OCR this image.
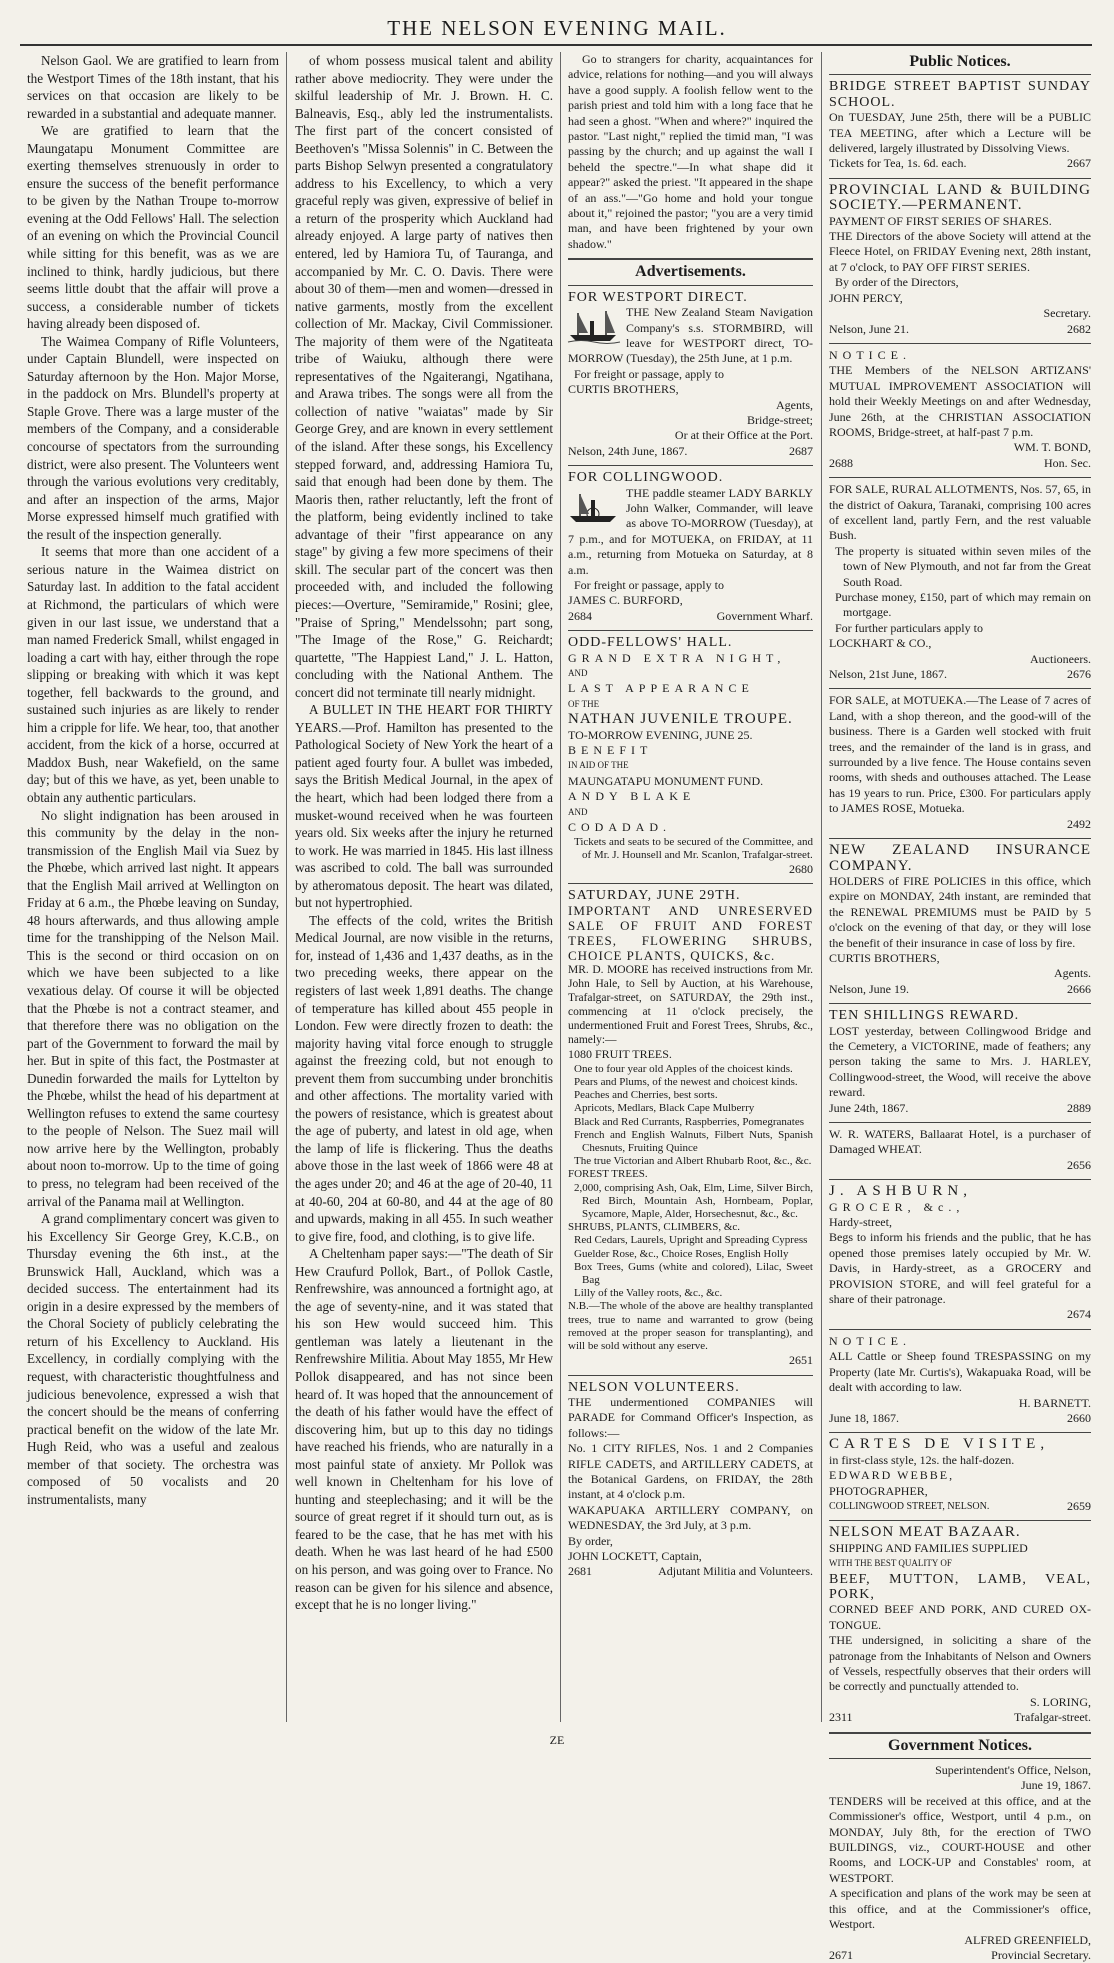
THE NELSON EVENING MAIL.

Nelson Gaol. We are gratified to learn from the Westport Times of the 18th instant, that his services on that occasion are likely to be rewarded in a substantial and adequate manner.

We are gratified to learn that the Maungatapu Monument Committee are exerting themselves strenuously in order to ensure the success of the benefit performance to be given by the Nathan Troupe to-morrow evening at the Odd Fellows' Hall. The selection of an evening on which the Provincial Council while sitting for this benefit, was as we are inclined to think, hardly judicious, but there seems little doubt that the affair will prove a success, a considerable number of tickets having already been disposed of.

The Waimea Company of Rifle Volunteers, under Captain Blundell, were inspected on Saturday afternoon by the Hon. Major Morse, in the paddock on Mrs. Blundell's property at Staple Grove. There was a large muster of the members of the Company, and a considerable concourse of spectators from the surrounding district, were also present. The Volunteers went through the various evolutions very creditably, and after an inspection of the arms, Major Morse expressed himself much gratified with the result of the inspection generally.

It seems that more than one accident of a serious nature in the Waimea district on Saturday last. In addition to the fatal accident at Richmond, the particulars of which were given in our last issue, we understand that a man named Frederick Small, whilst engaged in loading a cart with hay, either through the rope slipping or breaking with which it was kept together, fell backwards to the ground, and sustained such injuries as are likely to render him a cripple for life. We hear, too, that another accident, from the kick of a horse, occurred at Maddox Bush, near Wakefield, on the same day; but of this we have, as yet, been unable to obtain any authentic particulars.

No slight indignation has been aroused in this community by the delay in the non-transmission of the English Mail via Suez by the Phœbe, which arrived last night. It appears that the English Mail arrived at Wellington on Friday at 6 a.m., the Phœbe leaving on Sunday, 48 hours afterwards, and thus allowing ample time for the transhipping of the Nelson Mail. This is the second or third occasion on on which we have been subjected to a like vexatious delay. Of course it will be objected that the Phœbe is not a contract steamer, and that therefore there was no obligation on the part of the Government to forward the mail by her. But in spite of this fact, the Postmaster at Dunedin forwarded the mails for Lyttelton by the Phœbe, whilst the head of his department at Wellington refuses to extend the same courtesy to the people of Nelson. The Suez mail will now arrive here by the Wellington, probably about noon to-morrow. Up to the time of going to press, no telegram had been received of the arrival of the Panama mail at Wellington.

A grand complimentary concert was given to his Excellency Sir George Grey, K.C.B., on Thursday evening the 6th inst., at the Brunswick Hall, Auckland, which was a decided success. The entertainment had its origin in a desire expressed by the members of the Choral Society of publicly celebrating the return of his Excellency to Auckland. His Excellency, in cordially complying with the request, with characteristic thoughtfulness and judicious benevolence, expressed a wish that the concert should be the means of conferring practical benefit on the widow of the late Mr. Hugh Reid, who was a useful and zealous member of that society. The orchestra was composed of 50 vocalists and 20 instrumentalists, many

of whom possess musical talent and ability rather above mediocrity. They were under the skilful leadership of Mr. J. Brown. H. C. Balneavis, Esq., ably led the instrumentalists. The first part of the concert consisted of Beethoven's "Missa Solennis" in C. Between the parts Bishop Selwyn presented a congratulatory address to his Excellency, to which a very graceful reply was given, expressive of belief in a return of the prosperity which Auckland had already enjoyed. A large party of natives then entered, led by Hamiora Tu, of Tauranga, and accompanied by Mr. C. O. Davis. There were about 30 of them—men and women—dressed in native garments, mostly from the excellent collection of Mr. Mackay, Civil Commissioner. The majority of them were of the Ngatiteata tribe of Waiuku, although there were representatives of the Ngaiterangi, Ngatihana, and Arawa tribes. The songs were all from the collection of native "waiatas" made by Sir George Grey, and are known in every settlement of the island. After these songs, his Excellency stepped forward, and, addressing Hamiora Tu, said that enough had been done by them. The Maoris then, rather reluctantly, left the front of the platform, being evidently inclined to take advantage of their "first appearance on any stage" by giving a few more specimens of their skill. The secular part of the concert was then proceeded with, and included the following pieces:—Overture, "Semiramide," Rosini; glee, "Praise of Spring," Mendelssohn; part song, "The Image of the Rose," G. Reichardt; quartette, "The Happiest Land," J. L. Hatton, concluding with the National Anthem. The concert did not terminate till nearly midnight.

A BULLET IN THE HEART FOR THIRTY YEARS.—Prof. Hamilton has presented to the Pathological Society of New York the heart of a patient aged fourty four. A bullet was imbeded, says the British Medical Journal, in the apex of the heart, which had been lodged there from a musket-wound received when he was fourteen years old. Six weeks after the injury he returned to work. He was married in 1845. His last illness was ascribed to cold. The ball was surrounded by atheromatous deposit. The heart was dilated, but not hypertrophied.

The effects of the cold, writes the British Medical Journal, are now visible in the returns, for, instead of 1,436 and 1,437 deaths, as in the two preceding weeks, there appear on the registers of last week 1,891 deaths. The change of temperature has killed about 455 people in London. Few were directly frozen to death: the majority having vital force enough to struggle against the freezing cold, but not enough to prevent them from succumbing under bronchitis and other affections. The mortality varied with the powers of resistance, which is greatest about the age of puberty, and latest in old age, when the lamp of life is flickering. Thus the deaths above those in the last week of 1866 were 48 at the ages under 20; and 46 at the age of 20-40, 11 at 40-60, 204 at 60-80, and 44 at the age of 80 and upwards, making in all 455. In such weather to give fire, food, and clothing, is to give life.

A Cheltenham paper says:—"The death of Sir Hew Craufurd Pollok, Bart., of Pollok Castle, Renfrewshire, was announced a fortnight ago, at the age of seventy-nine, and it was stated that his son Hew would succeed him. This gentleman was lately a lieutenant in the Renfrewshire Militia. About May 1855, Mr Hew Pollok disappeared, and has not since been heard of. It was hoped that the announcement of the death of his father would have the effect of discovering him, but up to this day no tidings have reached his friends, who are naturally in a most painful state of anxiety. Mr Pollok was well known in Cheltenham for his love of hunting and steeplechasing; and it will be the source of great regret if it should turn out, as is feared to be the case, that he has met with his death. When he was last heard of he had £500 on his person, and was going over to France. No reason can be given for his silence and absence, except that he is no longer living."

Go to strangers for charity, acquaintances for advice, relations for nothing—and you will always have a good supply. A foolish fellow went to the parish priest and told him with a long face that he had seen a ghost. "When and where?" inquired the pastor. "Last night," replied the timid man, "I was passing by the church; and up against the wall I beheld the spectre."—In what shape did it appear?" asked the priest. "It appeared in the shape of an ass."—"Go home and hold your tongue about it," rejoined the pastor; "you are a very timid man, and have been frightened by your own shadow."

Advertisements.

FOR WESTPORT DIRECT.

THE New Zealand Steam Navigation Company's s.s. STORMBIRD, will leave for WESTPORT direct, TO-MORROW (Tuesday), the 25th June, at 1 p.m.

For freight or passage, apply to

CURTIS BROTHERS,

Agents,

Bridge-street;

Or at their Office at the Port.

Nelson, 24th June, 1867.	2687

FOR COLLINGWOOD.

THE paddle steamer LADY BARKLY John Walker, Commander, will leave as above TO-MORROW (Tuesday), at 7 p.m., and for MOTUEKA, on FRIDAY, at 11 a.m., returning from Motueka on Saturday, at 8 a.m.

For freight or passage, apply to

JAMES C. BURFORD,

2684	Government Wharf.

ODD-FELLOWS' HALL.

GRAND EXTRA NIGHT,

AND

LAST APPEARANCE

OF THE

NATHAN JUVENILE TROUPE.

TO-MORROW EVENING, JUNE 25.

BENEFIT

IN AID OF THE

MAUNGATAPU MONUMENT FUND.

ANDY BLAKE

AND

CODADAD.

Tickets and seats to be secured of the Committee, and of Mr. J. Hounsell and Mr. Scanlon, Trafalgar-street.

2680

SATURDAY, JUNE 29TH.

IMPORTANT AND UNRESERVED SALE OF FRUIT AND FOREST TREES, FLOWERING SHRUBS, CHOICE PLANTS, QUICKS, &c.

MR. D. MOORE has received instructions from Mr. John Hale, to Sell by Auction, at his Warehouse, Trafalgar-street, on SATURDAY, the 29th inst., commencing at 11 o'clock precisely, the undermentioned Fruit and Forest Trees, Shrubs, &c., namely:—

1080 FRUIT TREES.

One to four year old Apples of the choicest kinds.

Pears and Plums, of the newest and choicest kinds.

Peaches and Cherries, best sorts.

Apricots, Medlars, Black Cape Mulberry

Black and Red Currants, Raspberries, Pomegranates

French and English Walnuts, Filbert Nuts, Spanish Chesnuts, Fruiting Quince

The true Victorian and Albert Rhubarb Root, &c., &c.

FOREST TREES.

2,000, comprising Ash, Oak, Elm, Lime, Silver Birch, Red Birch, Mountain Ash, Hornbeam, Poplar, Sycamore, Maple, Alder, Horsechesnut, &c., &c.

SHRUBS, PLANTS, CLIMBERS, &c.

Red Cedars, Laurels, Upright and Spreading Cypress

Guelder Rose, &c., Choice Roses, English Holly

Box Trees, Gums (white and colored), Lilac, Sweet Bag

Lilly of the Valley roots, &c., &c.

N.B.—The whole of the above are healthy transplanted trees, true to name and warranted to grow (being removed at the proper season for transplanting), and will be sold without any eserve.

2651

NELSON VOLUNTEERS.

THE undermentioned COMPANIES will PARADE for Command Officer's Inspection, as follows:—

No. 1 CITY RIFLES, Nos. 1 and 2 Companies RIFLE CADETS, and ARTILLERY CADETS, at the Botanical Gardens, on FRIDAY, the 28th instant, at 4 o'clock p.m.

WAKAPUAKA ARTILLERY COMPANY, on WEDNESDAY, the 3rd July, at 3 p.m.

By order,

JOHN LOCKETT, Captain,

2681	Adjutant Militia and Volunteers.
Public Notices.

BRIDGE STREET BAPTIST SUNDAY SCHOOL.

On TUESDAY, June 25th, there will be a PUBLIC TEA MEETING, after which a Lecture will be delivered, largely illustrated by Dissolving Views.

Tickets for Tea, 1s. 6d. each.	2667

PROVINCIAL LAND & BUILDING SOCIETY.—PERMANENT.

PAYMENT OF FIRST SERIES OF SHARES.

THE Directors of the above Society will attend at the Fleece Hotel, on FRIDAY Evening next, 28th instant, at 7 o'clock, to PAY OFF FIRST SERIES.

By order of the Directors,

JOHN PERCY,

Secretary.

Nelson, June 21.	2682

NOTICE.

THE Members of the NELSON ARTIZANS' MUTUAL IMPROVEMENT ASSOCIATION will hold their Weekly Meetings on and after Wednesday, June 26th, at the CHRISTIAN ASSOCIATION ROOMS, Bridge-street, at half-past 7 p.m.

WM. T. BOND,

2688	Hon. Sec.

FOR SALE, RURAL ALLOTMENTS, Nos. 57, 65, in the district of Oakura, Taranaki, comprising 100 acres of excellent land, partly Fern, and the rest valuable Bush.

The property is situated within seven miles of the town of New Plymouth, and not far from the Great South Road.

Purchase money, £150, part of which may remain on mortgage.

For further particulars apply to

LOCKHART & CO.,

Auctioneers.

Nelson, 21st June, 1867.	2676

FOR SALE, at MOTUEKA.—The Lease of 7 acres of Land, with a shop thereon, and the good-will of the business. There is a Garden well stocked with fruit trees, and the remainder of the land is in grass, and surrounded by a live fence. The House contains seven rooms, with sheds and outhouses attached. The Lease has 19 years to run. Price, £300. For particulars apply to JAMES ROSE, Motueka.

2492

NEW ZEALAND INSURANCE COMPANY.

HOLDERS of FIRE POLICIES in this office, which expire on MONDAY, 24th instant, are reminded that the RENEWAL PREMIUMS must be PAID by 5 o'clock on the evening of that day, or they will lose the benefit of their insurance in case of loss by fire.

CURTIS BROTHERS,

Agents.

Nelson, June 19.	2666

TEN SHILLINGS REWARD.

LOST yesterday, between Collingwood Bridge and the Cemetery, a VICTORINE, made of feathers; any person taking the same to Mrs. J. HARLEY, Collingwood-street, the Wood, will receive the above reward.

June 24th, 1867.	2889

W. R. WATERS, Ballaarat Hotel, is a purchaser of Damaged WHEAT.

2656

J. ASHBURN,

GROCER, &c.,

Hardy-street,

Begs to inform his friends and the public, that he has opened those premises lately occupied by Mr. W. Davis, in Hardy-street, as a GROCERY and PROVISION STORE, and will feel grateful for a share of their patronage.

2674

NOTICE.

ALL Cattle or Sheep found TRESPASSING on my Property (late Mr. Curtis's), Wakapuaka Road, will be dealt with according to law.

H. BARNETT.

June 18, 1867.	2660

CARTES DE VISITE,

in first-class style, 12s. the half-dozen.

EDWARD WEBBE,

PHOTOGRAPHER,

COLLINGWOOD STREET, NELSON.	2659

NELSON MEAT BAZAAR.

SHIPPING AND FAMILIES SUPPLIED

WITH THE BEST QUALITY OF

BEEF, MUTTON, LAMB, VEAL, PORK,

CORNED BEEF AND PORK, AND CURED OX-TONGUE.

THE undersigned, in soliciting a share of the patronage from the Inhabitants of Nelson and Owners of Vessels, respectfully observes that their orders will be correctly and punctually attended to.

S. LORING,

2311	Trafalgar-street.
Government Notices.

Superintendent's Office, Nelson,

June 19, 1867.

TENDERS will be received at this office, and at the Commissioner's office, Westport, until 4 p.m., on MONDAY, July 8th, for the erection of TWO BUILDINGS, viz., COURT-HOUSE and other Rooms, and LOCK-UP and Constables' room, at WESTPORT.

A specification and plans of the work may be seen at this office, and at the Commissioner's office, Westport.

ALFRED GREENFIELD,

2671	Provincial Secretary.
ZE
